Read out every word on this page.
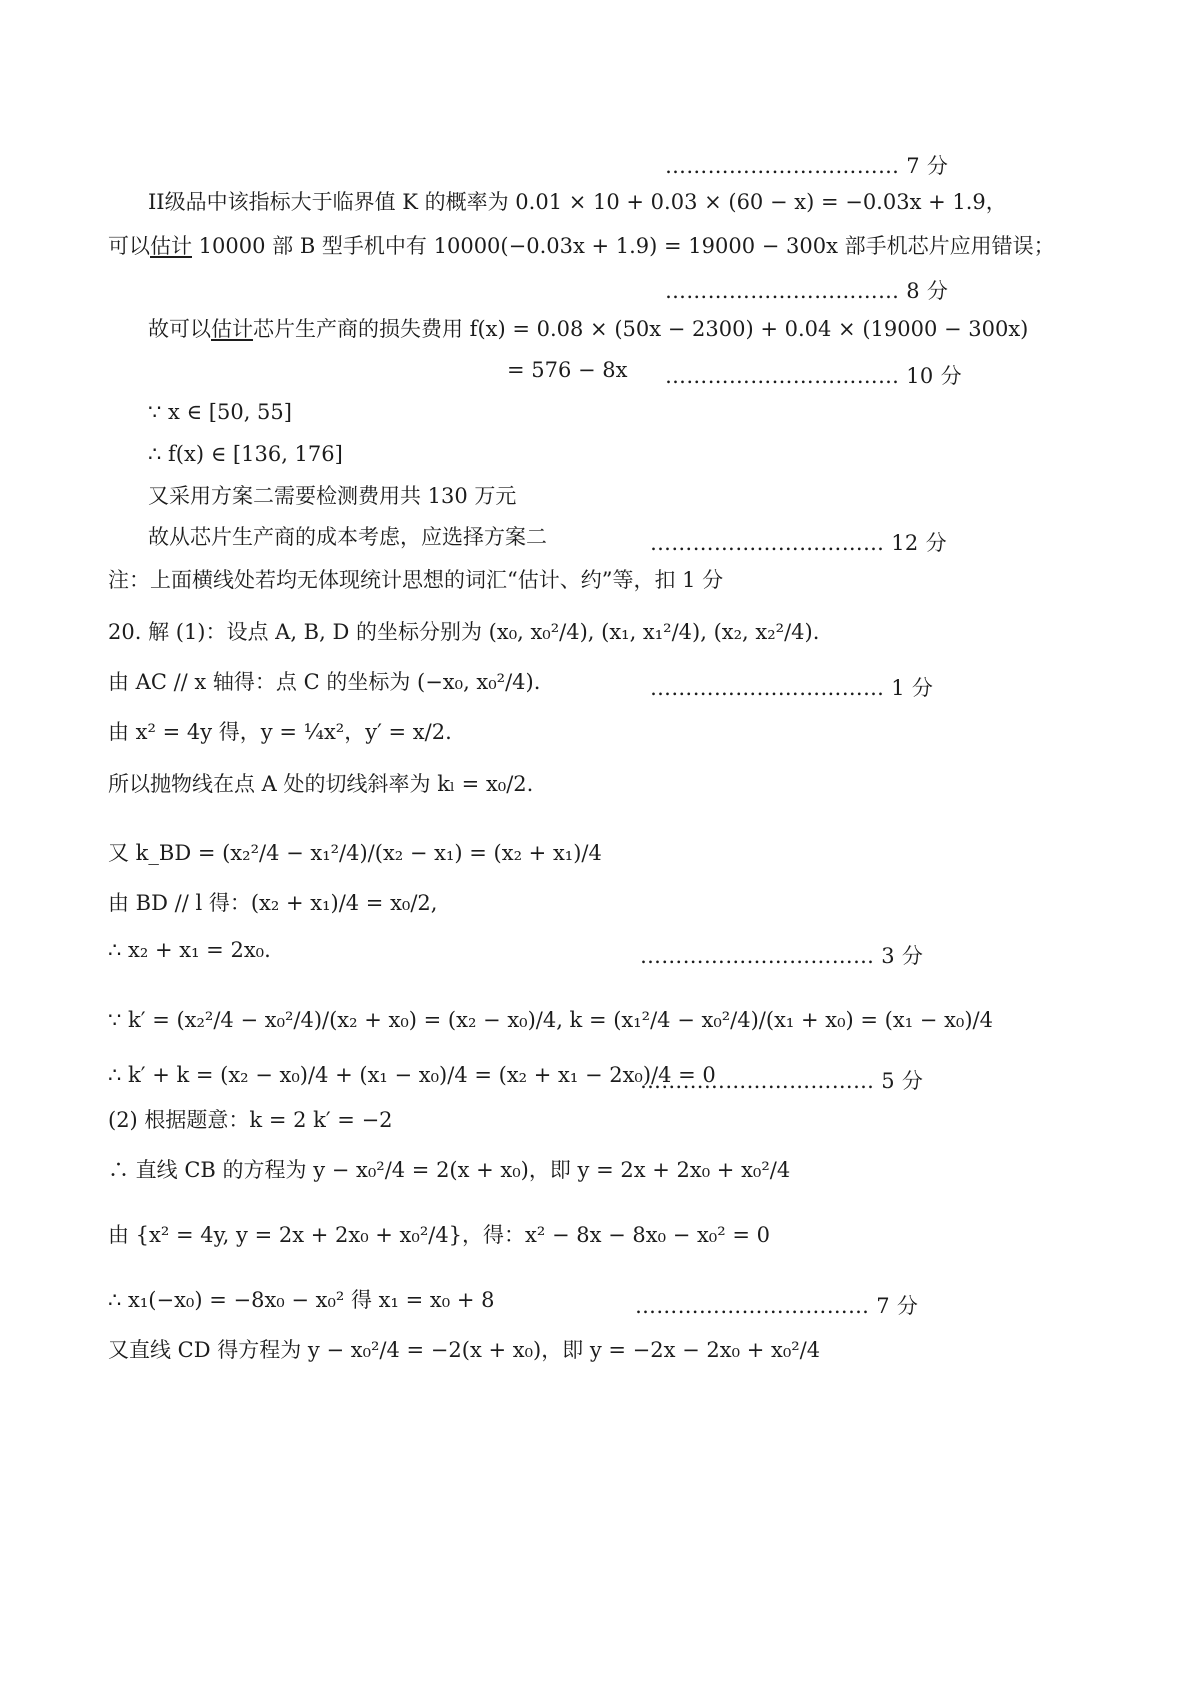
…………………………… 7 分
II级品中该指标大于临界值 K 的概率为 0.01 × 10 + 0.03 × (60 − x) = −0.03x + 1.9，
可以估计 10000 部 B 型手机中有 10000(−0.03x + 1.9) = 19000 − 300x 部手机芯片应用错误；
…………………………… 8 分
故可以估计芯片生产商的损失费用 f(x) = 0.08 × (50x − 2300) + 0.04 × (19000 − 300x)
= 576 − 8x …………………………… 10 分
∵ x ∈ [50, 55]
∴ f(x) ∈ [136, 176]
又采用方案二需要检测费用共 130 万元
故从芯片生产商的成本考虑，应选择方案二	…………………………… 12 分
注：上面横线处若均无体现统计思想的词汇“估计、约”等，扣 1 分
20. 解 (1)：设点 A, B, D 的坐标分别为 (x₀, x₀²/4), (x₁, x₁²/4), (x₂, x₂²/4).
由 AC // x 轴得：点 C 的坐标为 (−x₀, x₀²/4).	…………………………… 1 分
由 x² = 4y 得，y = ¼x²，y′ = x/2.
所以抛物线在点 A 处的切线斜率为 kₗ = x₀/2.
又 k_BD = (x₂²/4 − x₁²/4)/(x₂ − x₁) = (x₂ + x₁)/4
由 BD // l 得：(x₂ + x₁)/4 = x₀/2,
∴ x₂ + x₁ = 2x₀.	…………………………… 3 分
∵ k′ = (x₂²/4 − x₀²/4)/(x₂ + x₀) = (x₂ − x₀)/4, k = (x₁²/4 − x₀²/4)/(x₁ + x₀) = (x₁ − x₀)/4
∴ k′ + k = (x₂ − x₀)/4 + (x₁ − x₀)/4 = (x₂ + x₁ − 2x₀)/4 = 0
…………………………… 5 分
(2) 根据题意：k = 2 k′ = −2
∴ 直线 CB 的方程为 y − x₀²/4 = 2(x + x₀)，即 y = 2x + 2x₀ + x₀²/4
由 {x² = 4y, y = 2x + 2x₀ + x₀²/4}，得：x² − 8x − 8x₀ − x₀² = 0
∴ x₁(−x₀) = −8x₀ − x₀² 得 x₁ = x₀ + 8	…………………………… 7 分
又直线 CD 得方程为 y − x₀²/4 = −2(x + x₀)，即 y = −2x − 2x₀ + x₀²/4
